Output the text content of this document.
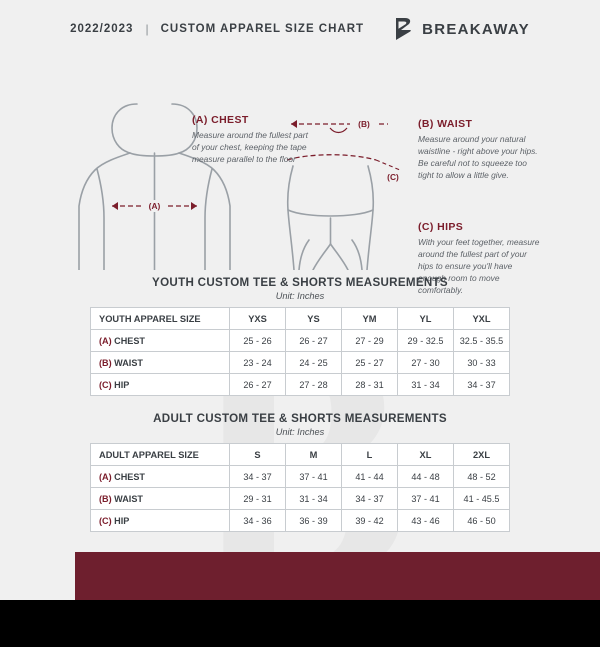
2022/2023 | CUSTOM APPAREL SIZE CHART	BREAKAWAY
(A)
(B)
(C)
(A) CHEST
Measure around the fullest part of your chest, keeping the tape measure parallel to the floor
(B) WAIST
Measure around your natural waistline - right above your hips. Be careful not to squeeze too tight to allow a little give.
(C) HIPS
With your feet together, measure around the fullest part of your hips to ensure you'll have enough room to move comfortably.
YOUTH CUSTOM TEE & SHORTS MEASUREMENTS
Unit: Inches
YOUTH APPAREL SIZE	YXS	YS	YM	YL	YXL
(A) CHEST	25 - 26	26 - 27	27 - 29	29 - 32.5	32.5 - 35.5
(B) WAIST	23 - 24	24 - 25	25 - 27	27 - 30	30 - 33
(C) HIP	26 - 27	27 - 28	28 - 31	31 - 34	34 - 37
ADULT CUSTOM TEE & SHORTS MEASUREMENTS
Unit: Inches
ADULT APPAREL SIZE	S	M	L	XL	2XL
(A) CHEST	34 - 37	37 - 41	41 - 44	44 - 48	48 - 52
(B) WAIST	29 - 31	31 - 34	34 - 37	37 - 41	41 - 45.5
(C) HIP	34 - 36	36 - 39	39 - 42	43 - 46	46 - 50
